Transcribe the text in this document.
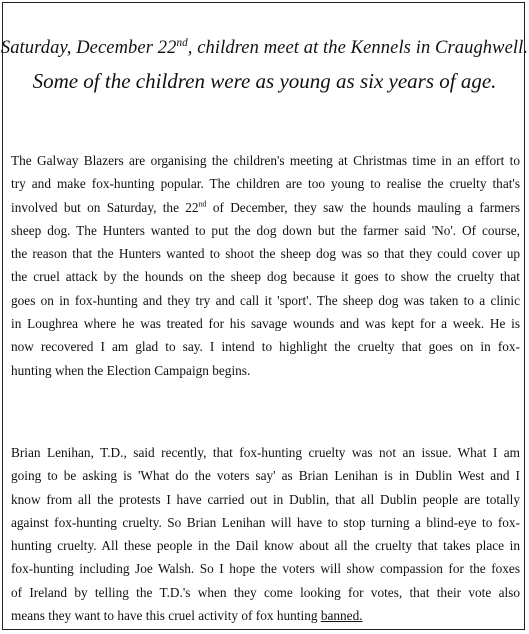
Saturday, December 22nd, children meet at the Kennels in Craughwell.
Some of the children were as young as six years of age.
The Galway Blazers are organising the children's meeting at Christmas time in an effort to
try and make fox-hunting popular. The children are too young to realise the cruelty that's
involved but on Saturday, the 22nd of December, they saw the hounds mauling a farmers
sheep dog. The Hunters wanted to put the dog down but the farmer said 'No'. Of course,
the reason that the Hunters wanted to shoot the sheep dog was so that they could cover up
the cruel attack by the hounds on the sheep dog because it goes to show the cruelty that
goes on in fox-hunting and they try and call it 'sport'. The sheep dog was taken to a clinic
in Loughrea where he was treated for his savage wounds and was kept for a week. He is
now recovered I am glad to say. I intend to highlight the cruelty that goes on in fox-
hunting when the Election Campaign begins.
Brian Lenihan, T.D., said recently, that fox-hunting cruelty was not an issue. What I am
going to be asking is 'What do the voters say' as Brian Lenihan is in Dublin West and I
know from all the protests I have carried out in Dublin, that all Dublin people are totally
against fox-hunting cruelty. So Brian Lenihan will have to stop turning a blind-eye to fox-
hunting cruelty. All these people in the Dail know about all the cruelty that takes place in
fox-hunting including Joe Walsh. So I hope the voters will show compassion for the foxes
of Ireland by telling the T.D.'s when they come looking for votes, that their vote also
means they want to have this cruel activity of fox hunting banned.
